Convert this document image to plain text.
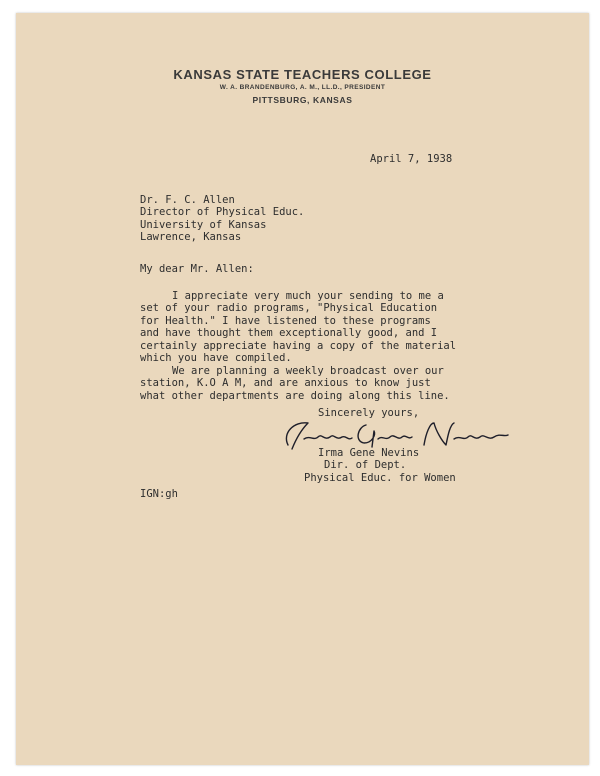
KANSAS STATE TEACHERS COLLEGE
W. A. BRANDENBURG, A. M., LL.D., PRESIDENT
PITTSBURG, KANSAS
April 7, 1938
Dr. F. C. Allen
Director of Physical Educ.
University of Kansas
Lawrence, Kansas
My dear Mr. Allen:
I appreciate very much your sending to me a
set of your radio programs, "Physical Education
for Health." I have listened to these programs
and have thought them exceptionally good, and I
certainly appreciate having a copy of the material
which you have compiled.
We are planning a weekly broadcast over our
station, K.O A M, and are anxious to know just
what other departments are doing along this line.
Sincerely yours,
Irma Gene Nevins
Dir. of Dept.
Physical Educ. for Women
IGN:gh
